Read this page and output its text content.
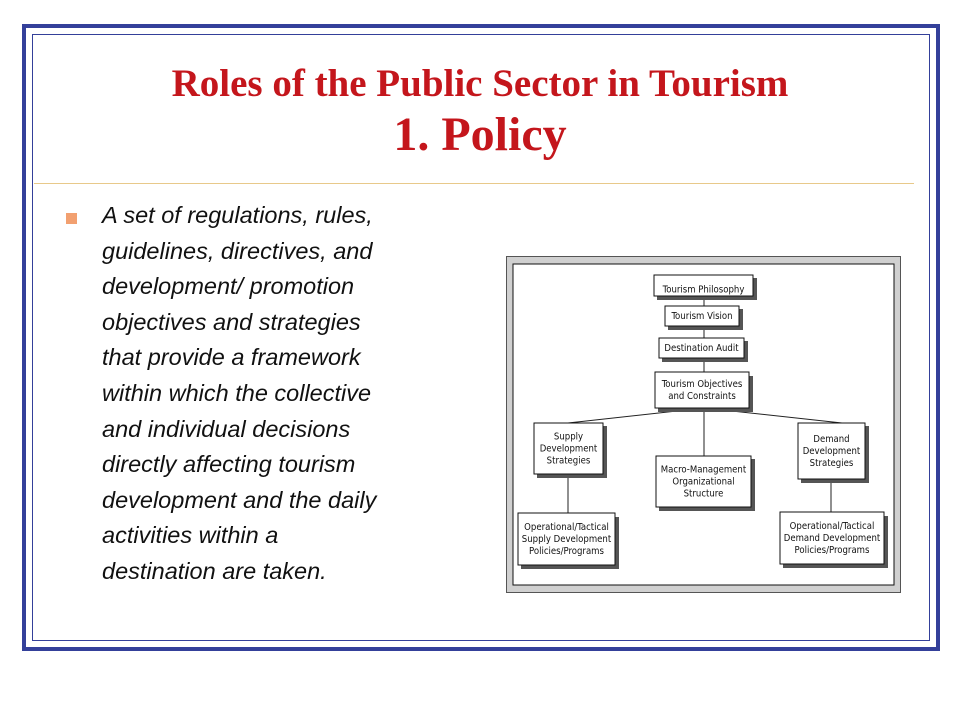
Roles of the Public Sector in Tourism
1. Policy

A set of regulations, rules,
guidelines, directives, and
development/ promotion
objectives and strategies
that provide a framework
within which the collective
and individual decisions
directly affecting tourism
development and the daily
activities within a
destination are taken.

Tourism Philosophy
Tourism Vision
Destination Audit
Tourism Objectives and Constraints
Supply Development Strategies
Macro-Management Organizational Structure
Demand Development Strategies
Operational/Tactical Supply Development Policies/Programs
Operational/Tactical Demand Development Policies/Programs
